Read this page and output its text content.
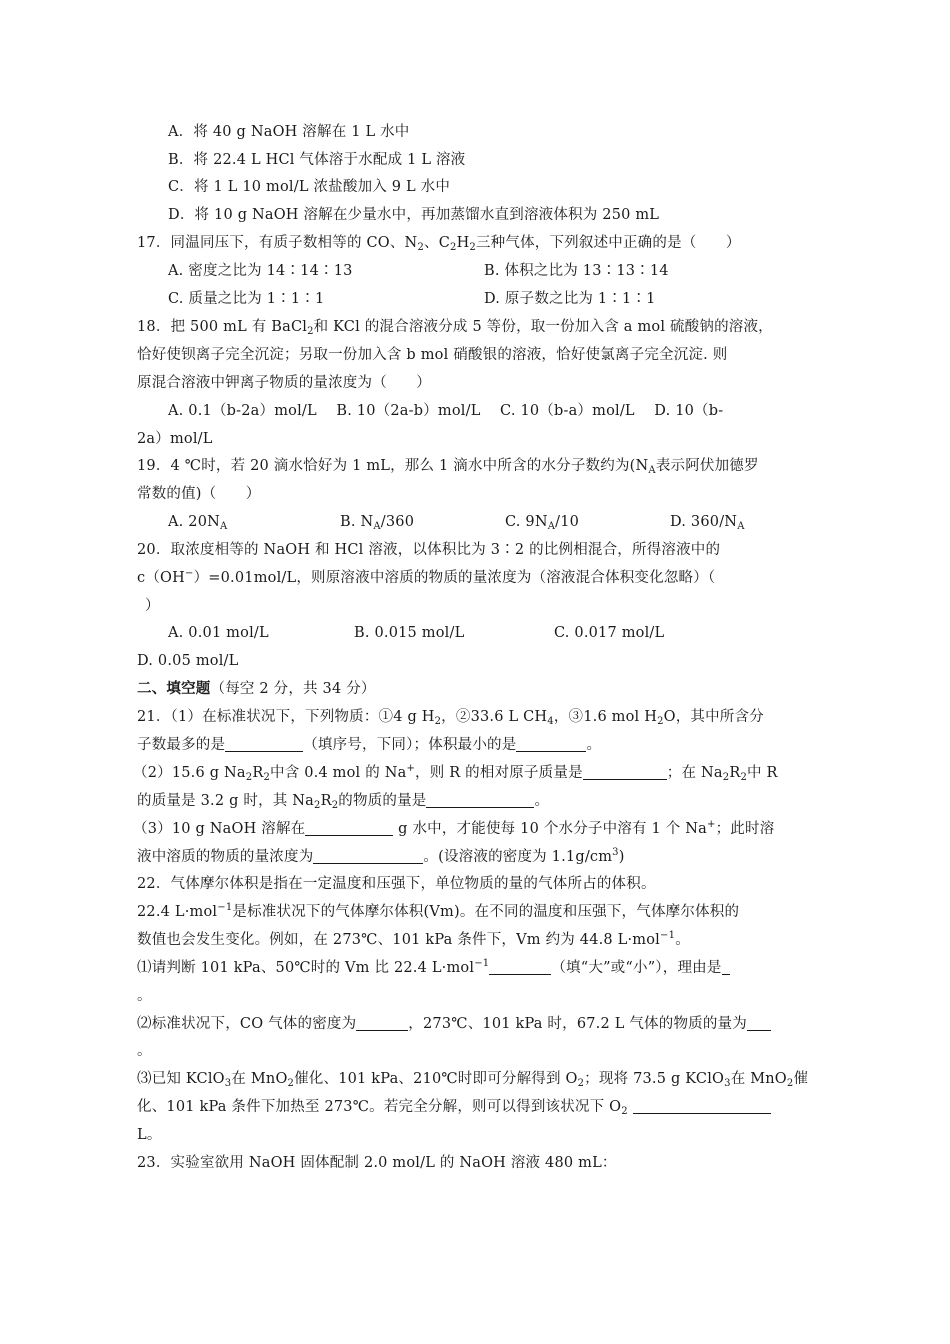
A．将 40 g NaOH 溶解在 1 L 水中
B．将 22.4 L HCl 气体溶于水配成 1 L 溶液
C．将 1 L 10 mol/L 浓盐酸加入 9 L 水中
D．将 10 g NaOH 溶解在少量水中，再加蒸馏水直到溶液体积为 250 mL
17．同温同压下，有质子数相等的 CO、$N_2$、$C_2H_2$三种气体，下列叙述中正确的是（　　）
A. 密度之比为 14∶14∶13	B. 体积之比为 13∶13∶14
C. 质量之比为 1∶1∶1	D. 原子数之比为 1∶1∶1
18．把 500 mL 有 BaCl$_2$和 KCl 的混合溶液分成 5 等份，取一份加入含 a mol 硫酸钠的溶液，
恰好使钡离子完全沉淀；另取一份加入含 b mol 硝酸银的溶液，恰好使氯离子完全沉淀. 则
原混合溶液中钾离子物质的量浓度为（　　）
A. 0.1（b-2a）mol/L　 B. 10（2a-b）mol/L　 C. 10（b-a）mol/L　 D. 10（b-
2a）mol/L
19．4 ℃时，若 20 滴水恰好为 1 mL，那么 1 滴水中所含的水分子数约为($N_A$表示阿伏加德罗
常数的值)（　　）
A. $20N_A$	B. $N_A/360$	C. $9N_A/10$	D. $360/N_A$
20．取浓度相等的 NaOH 和 HCl 溶液，以体积比为 3∶2 的比例相混合，所得溶液中的
c（OH−）=0.01mol/L，则原溶液中溶质的物质的量浓度为（溶液混合体积变化忽略）（
）
A. 0.01 mol/L	B. 0.015 mol/L	C. 0.017 mol/L
D. 0.05 mol/L
二、填空题（每空 2 分，共 34 分）
21．（1）在标准状况下，下列物质：①4 g $H_2$，②33.6 L $CH_4$，③1.6 mol $H_2O$，其中所含分
子数最多的是	（填序号，下同）；体积最小的是	。
（2）15.6 g $Na_2R_2$中含 0.4 mol 的 Na+，则 R 的相对原子质量是	；在 $Na_2R_2$中 R
的质量是 3.2 g 时，其 $Na_2R_2$的物质的量是	。
（3）10 g NaOH 溶解在	g 水中，才能使每 10 个水分子中溶有 1 个 Na+；此时溶
液中溶质的物质的量浓度为	。(设溶液的密度为 $1.1g/cm^3$)
22．气体摩尔体积是指在一定温度和压强下，单位物质的量的气体所占的体积。
22.4 L·mol$^{-1}$是标准状况下的气体摩尔体积(Vm)。在不同的温度和压强下，气体摩尔体积的
数值也会发生变化。例如，在 273℃、101 kPa 条件下，Vm 约为 44.8 L·mol$^{-1}$。
⑴请判断 101 kPa、50℃时的 Vm 比 22.4 L·mol$^{-1}$	（填“大”或“小”），理由是
。
⑵标准状况下，CO 气体的密度为	，273℃、101 kPa 时，67.2 L 气体的物质的量为
。
⑶已知 KClO$_3$在 MnO$_2$催化、101 kPa、210℃时即可分解得到 $O_2$；现将 73.5 g KClO$_3$在 MnO$_2$催
化、101 kPa 条件下加热至 273℃。若完全分解，则可以得到该状况下 $O_2$
L。
23．实验室欲用 NaOH 固体配制 2.0 mol/L 的 NaOH 溶液 480 mL：
